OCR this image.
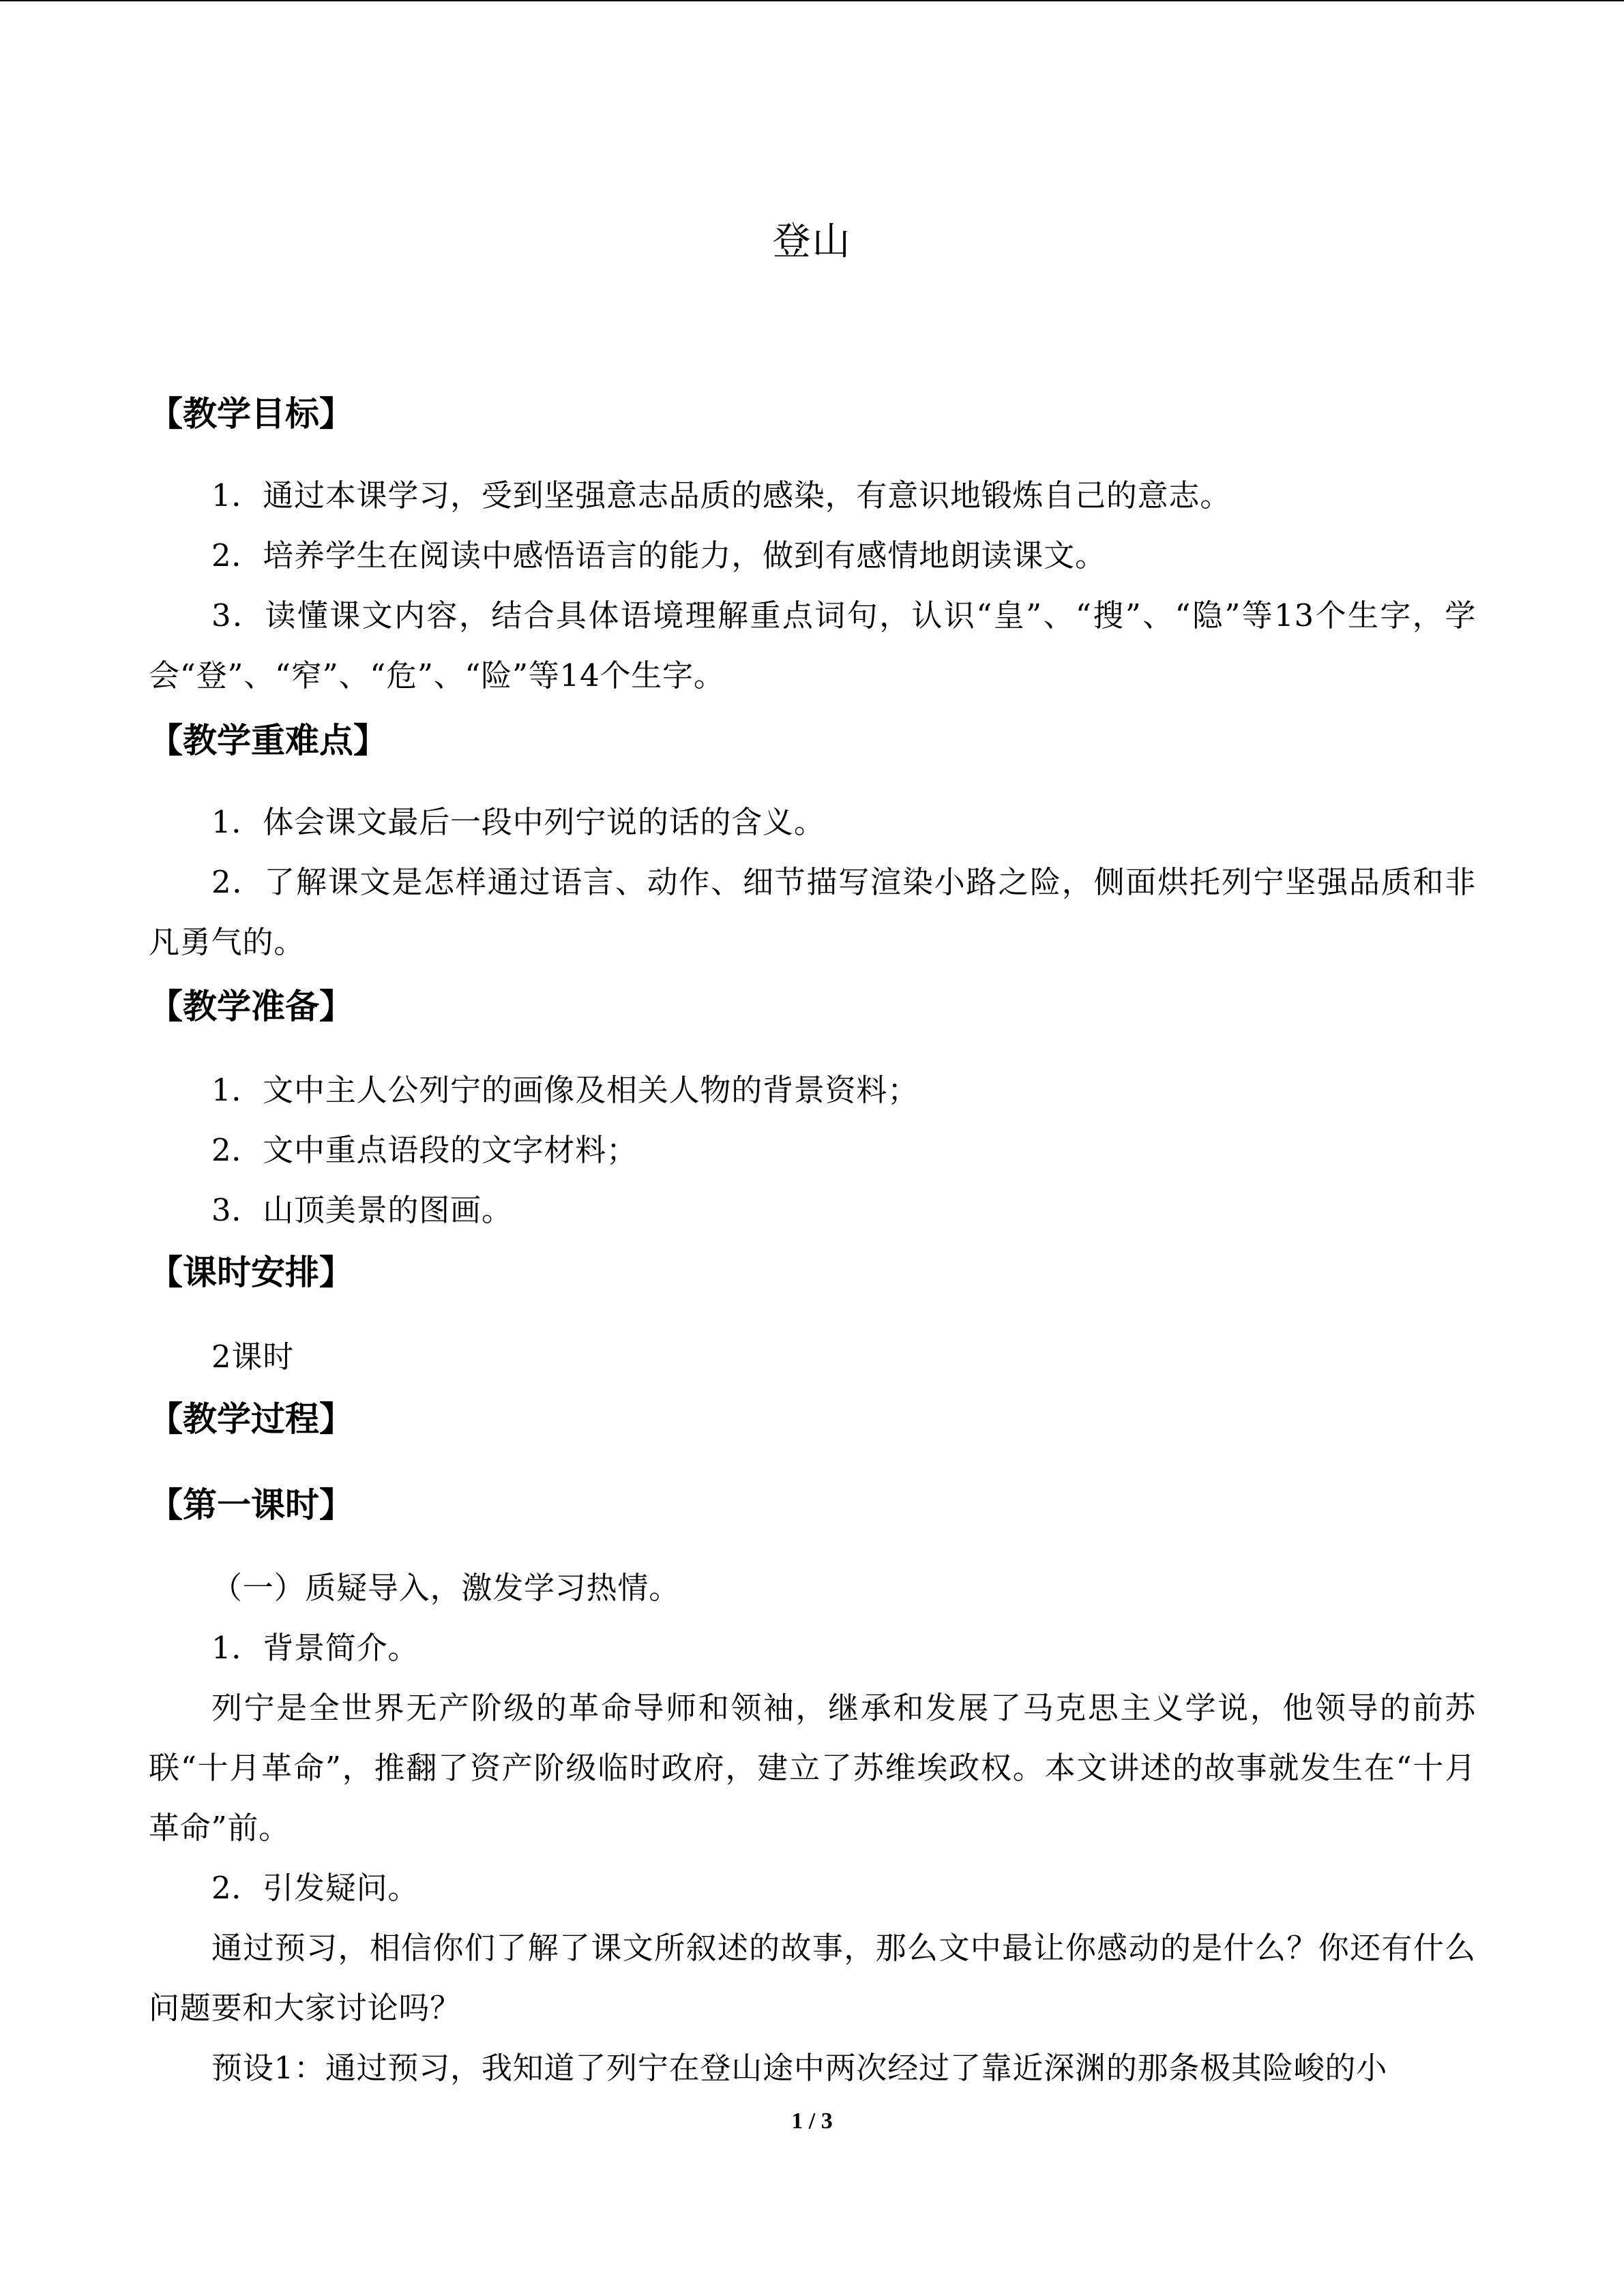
登山
【教学目标】
1．通过本课学习，受到坚强意志品质的感染，有意识地锻炼自己的意志。
2．培养学生在阅读中感悟语言的能力，做到有感情地朗读课文。
3．读懂课文内容，结合具体语境理解重点词句，认识“皇”、“搜”、“隐”等13个生字，学会“登”、“窄”、“危”、“险”等14个生字。
【教学重难点】
1．体会课文最后一段中列宁说的话的含义。
2．了解课文是怎样通过语言、动作、细节描写渲染小路之险，侧面烘托列宁坚强品质和非凡勇气的。
【教学准备】
1．文中主人公列宁的画像及相关人物的背景资料；
2．文中重点语段的文字材料；
3．山顶美景的图画。
【课时安排】
2课时
【教学过程】
【第一课时】
（一）质疑导入，激发学习热情。
1．背景简介。
列宁是全世界无产阶级的革命导师和领袖，继承和发展了马克思主义学说，他领导的前苏联“十月革命”，推翻了资产阶级临时政府，建立了苏维埃政权。本文讲述的故事就发生在“十月革命”前。
2．引发疑问。
通过预习，相信你们了解了课文所叙述的故事，那么文中最让你感动的是什么？你还有什么问题要和大家讨论吗？
预设1：通过预习，我知道了列宁在登山途中两次经过了靠近深渊的那条极其险峻的小
1 / 3
